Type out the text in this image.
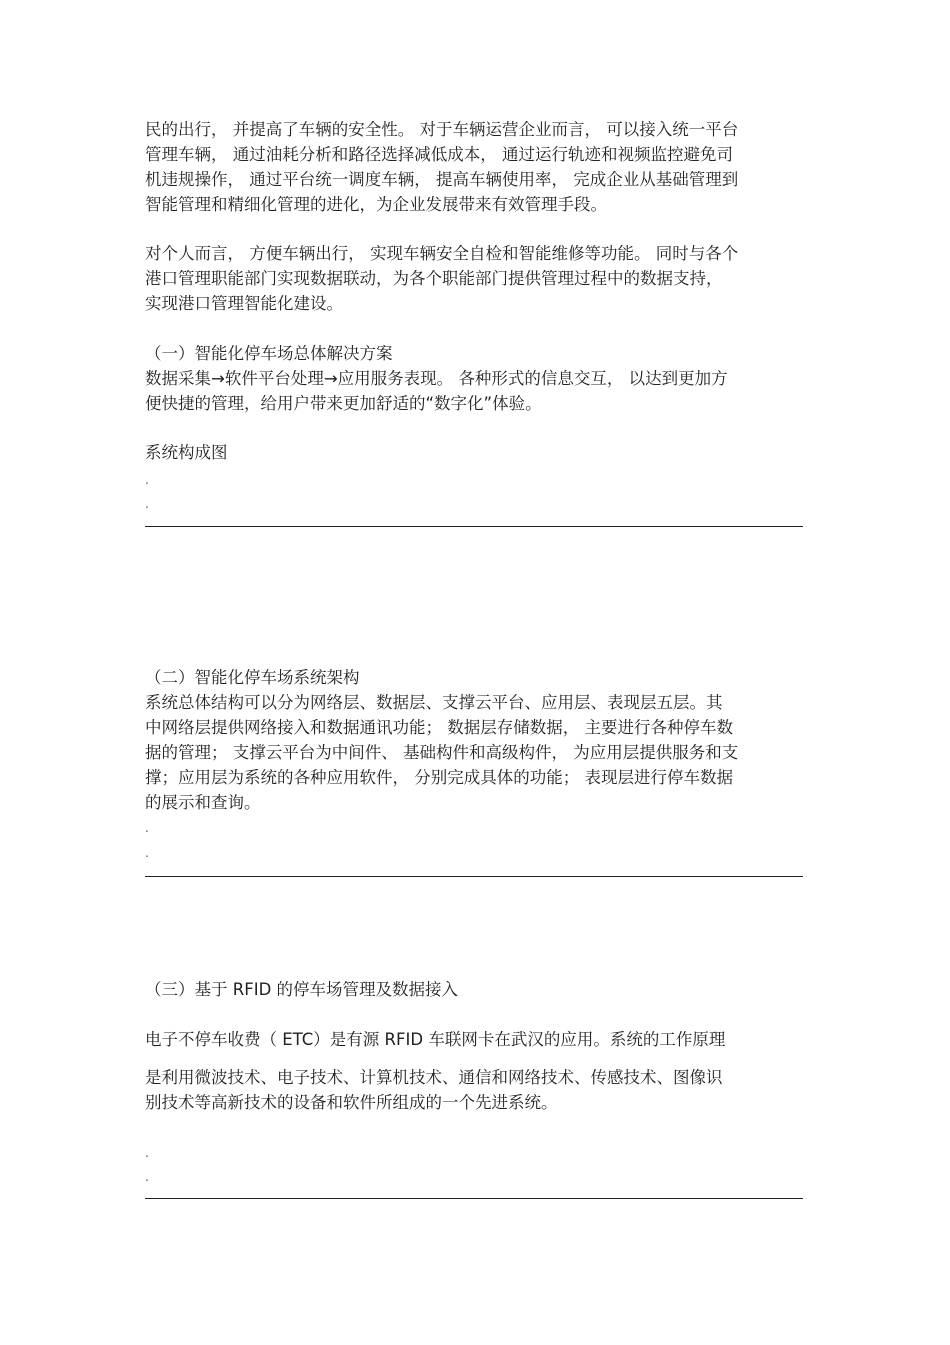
民的出行， 并提高了车辆的安全性。 对于车辆运营企业而言， 可以接入统一平台
管理车辆， 通过油耗分析和路径选择减低成本， 通过运行轨迹和视频监控避免司
机违规操作， 通过平台统一调度车辆， 提高车辆使用率， 完成企业从基础管理到
智能管理和精细化管理的进化，为企业发展带来有效管理手段。
对个人而言， 方便车辆出行， 实现车辆安全自检和智能维修等功能。 同时与各个
港口管理职能部门实现数据联动，为各个职能部门提供管理过程中的数据支持，
实现港口管理智能化建设。
（一）智能化停车场总体解决方案
数据采集→软件平台处理→应用服务表现。 各种形式的信息交互， 以达到更加方
便快捷的管理，给用户带来更加舒适的“数字化”体验。
系统构成图
.
.
（二）智能化停车场系统架构
系统总体结构可以分为网络层、数据层、支撑云平台、应用层、表现层五层。其
中网络层提供网络接入和数据通讯功能； 数据层存储数据， 主要进行各种停车数
据的管理； 支撑云平台为中间件、 基础构件和高级构件， 为应用层提供服务和支
撑；应用层为系统的各种应用软件， 分别完成具体的功能； 表现层进行停车数据
的展示和查询。
.
.
（三）基于 RFID 的停车场管理及数据接入
电子不停车收费（ ETC）是有源 RFID 车联网卡在武汉的应用。系统的工作原理
是利用微波技术、电子技术、计算机技术、通信和网络技术、传感技术、图像识
别技术等高新技术的设备和软件所组成的一个先进系统。
.
.
